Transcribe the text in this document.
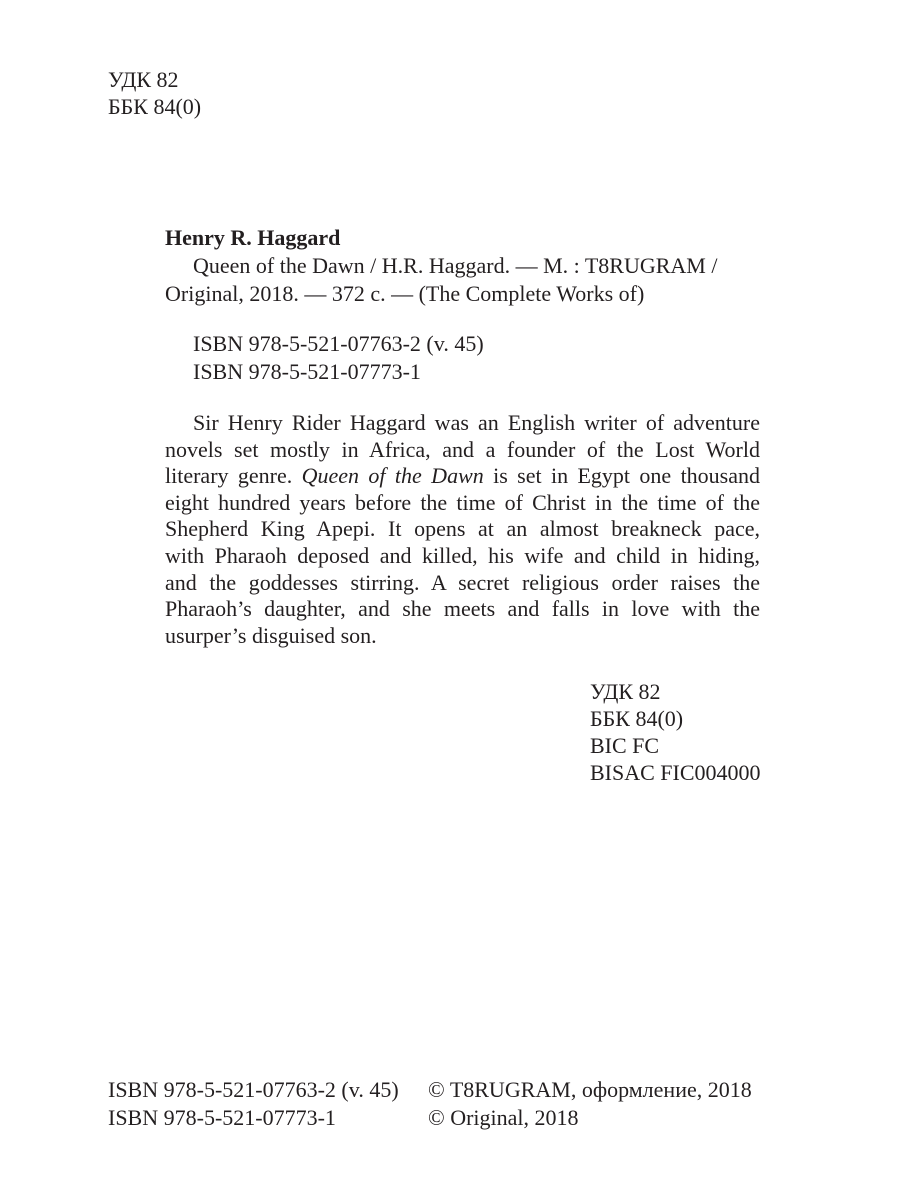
УДК 82
ББК 84(0)
Henry R. Haggard
Queen of the Dawn / H.R. Haggard. — M. : T8RUGRAM /
Original, 2018. — 372 c. — (The Complete Works of)
ISBN 978-5-521-07763-2 (v. 45)
ISBN 978-5-521-07773-1
Sir Henry Rider Haggard was an English writer of adventure
novels set mostly in Africa, and a founder of the Lost World
literary genre. Queen of the Dawn is set in Egypt one thousand
eight hundred years before the time of Christ in the time of the
Shepherd King Apepi. It opens at an almost breakneck pace,
with Pharaoh deposed and killed, his wife and child in hiding,
and the goddesses stirring. A secret religious order raises the
Pharaoh’s daughter, and she meets and falls in love with the
usurper’s disguised son.
УДК 82
ББК 84(0)
BIC FC
BISAC FIC004000
ISBN 978-5-521-07763-2 (v. 45)
ISBN 978-5-521-07773-1
© T8RUGRAM, оформление, 2018
© Original, 2018
